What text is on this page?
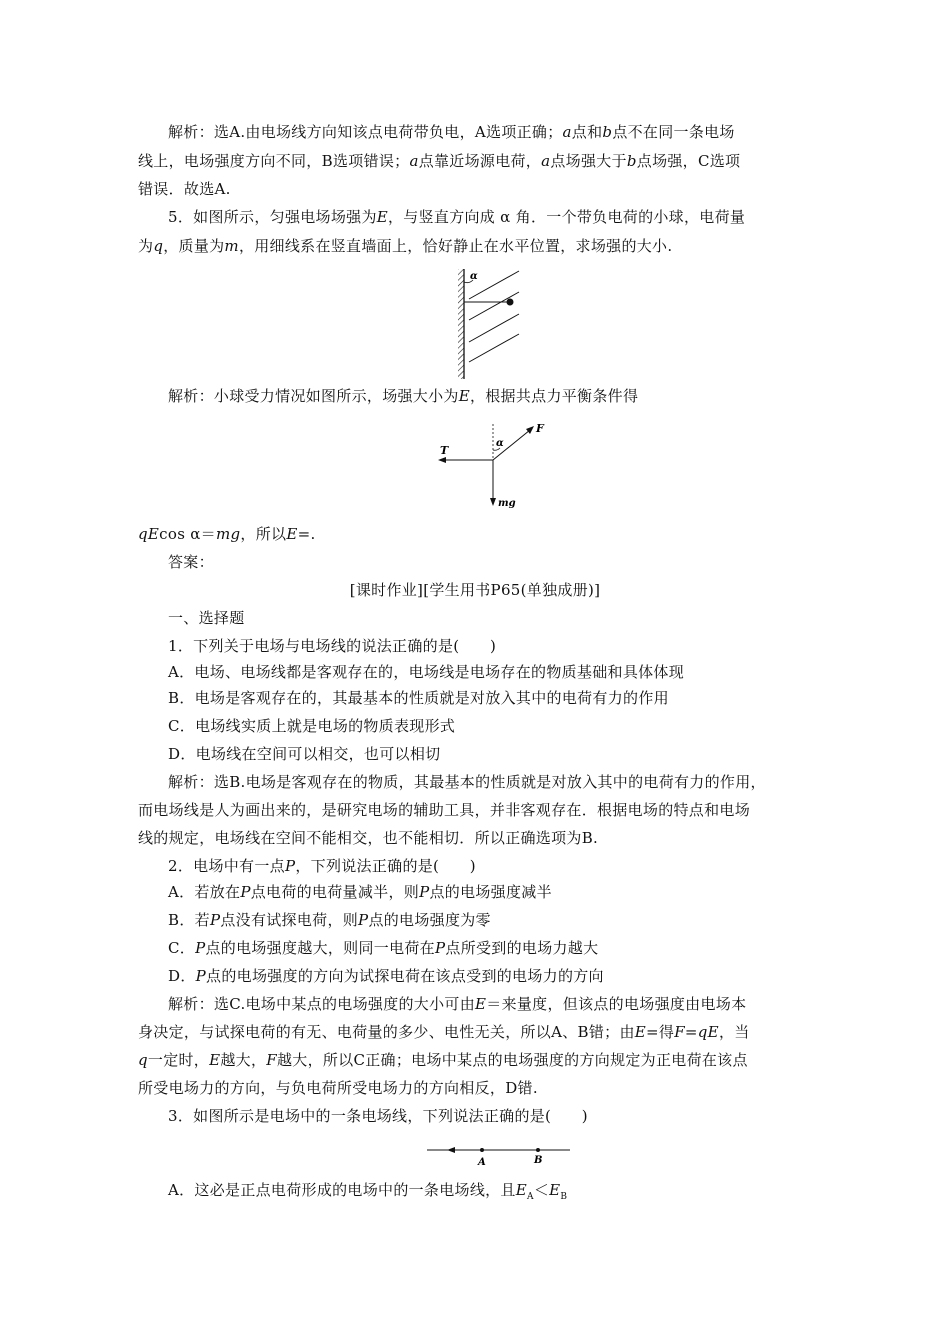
解析：选A.由电场线方向知该点电荷带负电，A选项正确；a点和b点不在同一条电场
线上，电场强度方向不同，B选项错误；a点靠近场源电荷，a点场强大于b点场强，C选项
错误．故选A.
5．如图所示，匀强电场场强为E，与竖直方向成 α 角．一个带负电荷的小球，电荷量
为q，质量为m，用细线系在竖直墙面上，恰好静止在水平位置，求场强的大小.
α
解析：小球受力情况如图所示，场强大小为E，根据共点力平衡条件得
T
F
α
mg
qEcos α＝mg，所以E=.
答案：
[课时作业][学生用书P65(单独成册)]
一、选择题
1．下列关于电场与电场线的说法正确的是(　　)
A．电场、电场线都是客观存在的，电场线是电场存在的物质基础和具体体现
B．电场是客观存在的，其最基本的性质就是对放入其中的电荷有力的作用
C．电场线实质上就是电场的物质表现形式
D．电场线在空间可以相交，也可以相切
解析：选B.电场是客观存在的物质，其最基本的性质就是对放入其中的电荷有力的作用，
而电场线是人为画出来的，是研究电场的辅助工具，并非客观存在．根据电场的特点和电场
线的规定，电场线在空间不能相交，也不能相切．所以正确选项为B.
2．电场中有一点P，下列说法正确的是(　　)
A．若放在P点电荷的电荷量减半，则P点的电场强度减半
B．若P点没有试探电荷，则P点的电场强度为零
C．P点的电场强度越大，则同一电荷在P点所受到的电场力越大
D．P点的电场强度的方向为试探电荷在该点受到的电场力的方向
解析：选C.电场中某点的电场强度的大小可由E＝来量度，但该点的电场强度由电场本
身决定，与试探电荷的有无、电荷量的多少、电性无关，所以A、B错；由E=得F=qE，当
q一定时，E越大，F越大，所以C正确；电场中某点的电场强度的方向规定为正电荷在该点
所受电场力的方向，与负电荷所受电场力的方向相反，D错.
3．如图所示是电场中的一条电场线，下列说法正确的是(　　)
A	B
A．这必是正点电荷形成的电场中的一条电场线，且$E_A<E_B$
